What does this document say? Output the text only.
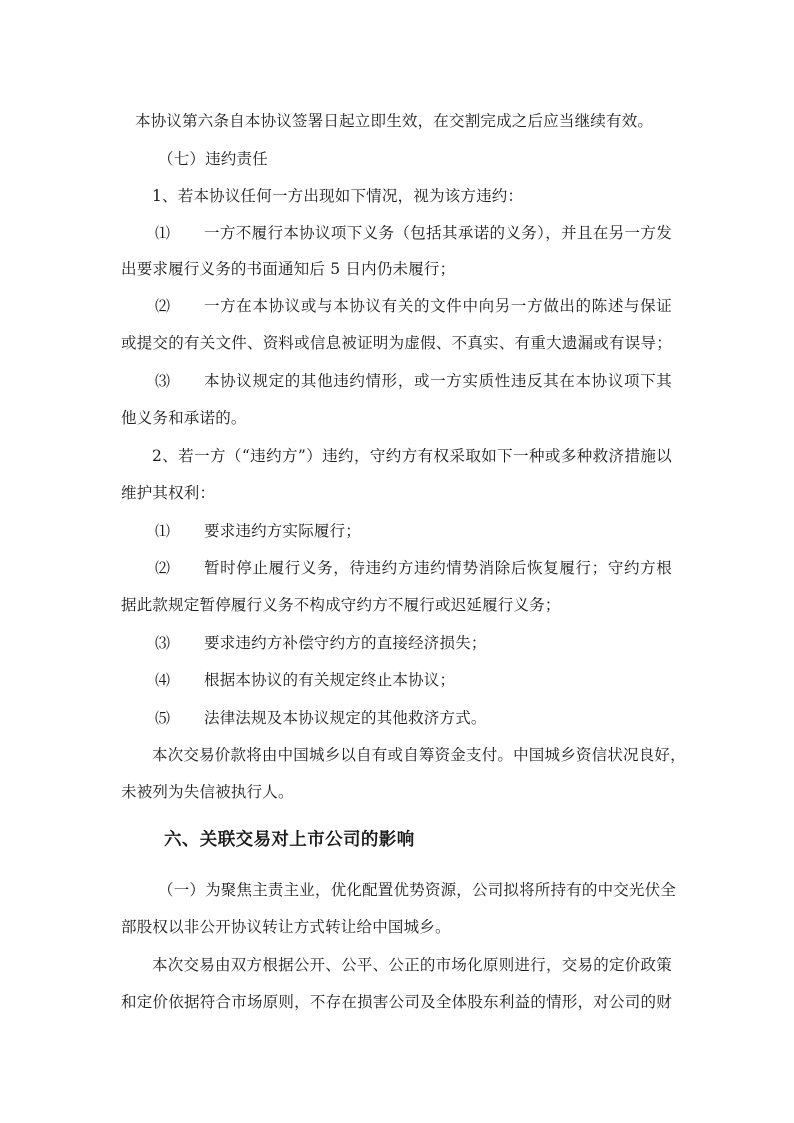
本协议第六条自本协议签署日起立即生效，在交割完成之后应当继续有效。

（七）违约责任

1、若本协议任何一方出现如下情况，视为该方违约：

⑴ 一方不履行本协议项下义务（包括其承诺的义务），并且在另一方发

出要求履行义务的书面通知后 5 日内仍未履行；

⑵ 一方在本协议或与本协议有关的文件中向另一方做出的陈述与保证

或提交的有关文件、资料或信息被证明为虚假、不真实、有重大遗漏或有误导；

⑶ 本协议规定的其他违约情形，或一方实质性违反其在本协议项下其

他义务和承诺的。

2、若一方（“违约方”）违约，守约方有权采取如下一种或多种救济措施以

维护其权利：

⑴ 要求违约方实际履行；

⑵ 暂时停止履行义务，待违约方违约情势消除后恢复履行；守约方根

据此款规定暂停履行义务不构成守约方不履行或迟延履行义务；

⑶ 要求违约方补偿守约方的直接经济损失；

⑷ 根据本协议的有关规定终止本协议；

⑸ 法律法规及本协议规定的其他救济方式。

本次交易价款将由中国城乡以自有或自筹资金支付。中国城乡资信状况良好，

未被列为失信被执行人。

六、关联交易对上市公司的影响

（一）为聚焦主责主业，优化配置优势资源，公司拟将所持有的中交光伏全

部股权以非公开协议转让方式转让给中国城乡。

本次交易由双方根据公开、公平、公正的市场化原则进行，交易的定价政策

和定价依据符合市场原则，不存在损害公司及全体股东利益的情形，对公司的财
